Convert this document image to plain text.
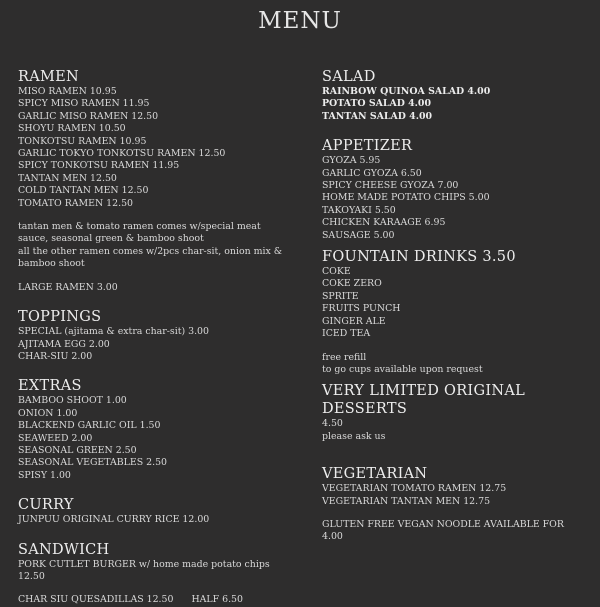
MENU
RAMEN
MISO RAMEN 10.95
SPICY MISO RAMEN 11.95
GARLIC MISO RAMEN 12.50
SHOYU RAMEN 10.50
TONKOTSU RAMEN 10.95
GARLIC TOKYO TONKOTSU RAMEN 12.50
SPICY TONKOTSU RAMEN 11.95
TANTAN MEN 12.50
COLD TANTAN MEN 12.50
TOMATO RAMEN 12.50
tantan men & tomato ramen comes w/special meat sauce, seasonal green & bamboo shoot
all the other ramen comes w/2pcs char-sit, onion mix & bamboo shoot
LARGE RAMEN 3.00
TOPPINGS
SPECIAL (ajitama & extra char-sit) 3.00
AJITAMA EGG 2.00
CHAR-SIU 2.00
EXTRAS
BAMBOO SHOOT 1.00
ONION 1.00
BLACKEND GARLIC OIL 1.50
SEAWEED 2.00
SEASONAL GREEN 2.50
SEASONAL VEGETABLES 2.50
SPISY 1.00
CURRY
JUNPUU ORIGINAL CURRY RICE 12.00
SANDWICH
PORK CUTLET BURGER w/ home made potato chips
12.50
CHAR SIU QUESADILLAS 12.50 HALF 6.50
SALAD
RAINBOW QUINOA SALAD 4.00
POTATO SALAD 4.00
TANTAN SALAD 4.00
APPETIZER
GYOZA 5.95
GARLIC GYOZA 6.50
SPICY CHEESE GYOZA 7.00
HOME MADE POTATO CHIPS 5.00
TAKOYAKI 5.50
CHICKEN KARAAGE 6.95
SAUSAGE 5.00
FOUNTAIN DRINKS 3.50
COKE
COKE ZERO
SPRITE
FRUITS PUNCH
GINGER ALE
ICED TEA
free refill
to go cups available upon request
VERY LIMITED ORIGINAL DESSERTS
4.50
please ask us
VEGETARIAN
VEGETARIAN TOMATO RAMEN 12.75
VEGETARIAN TANTAN MEN 12.75
GLUTEN FREE VEGAN NOODLE AVAILABLE FOR 4.00
